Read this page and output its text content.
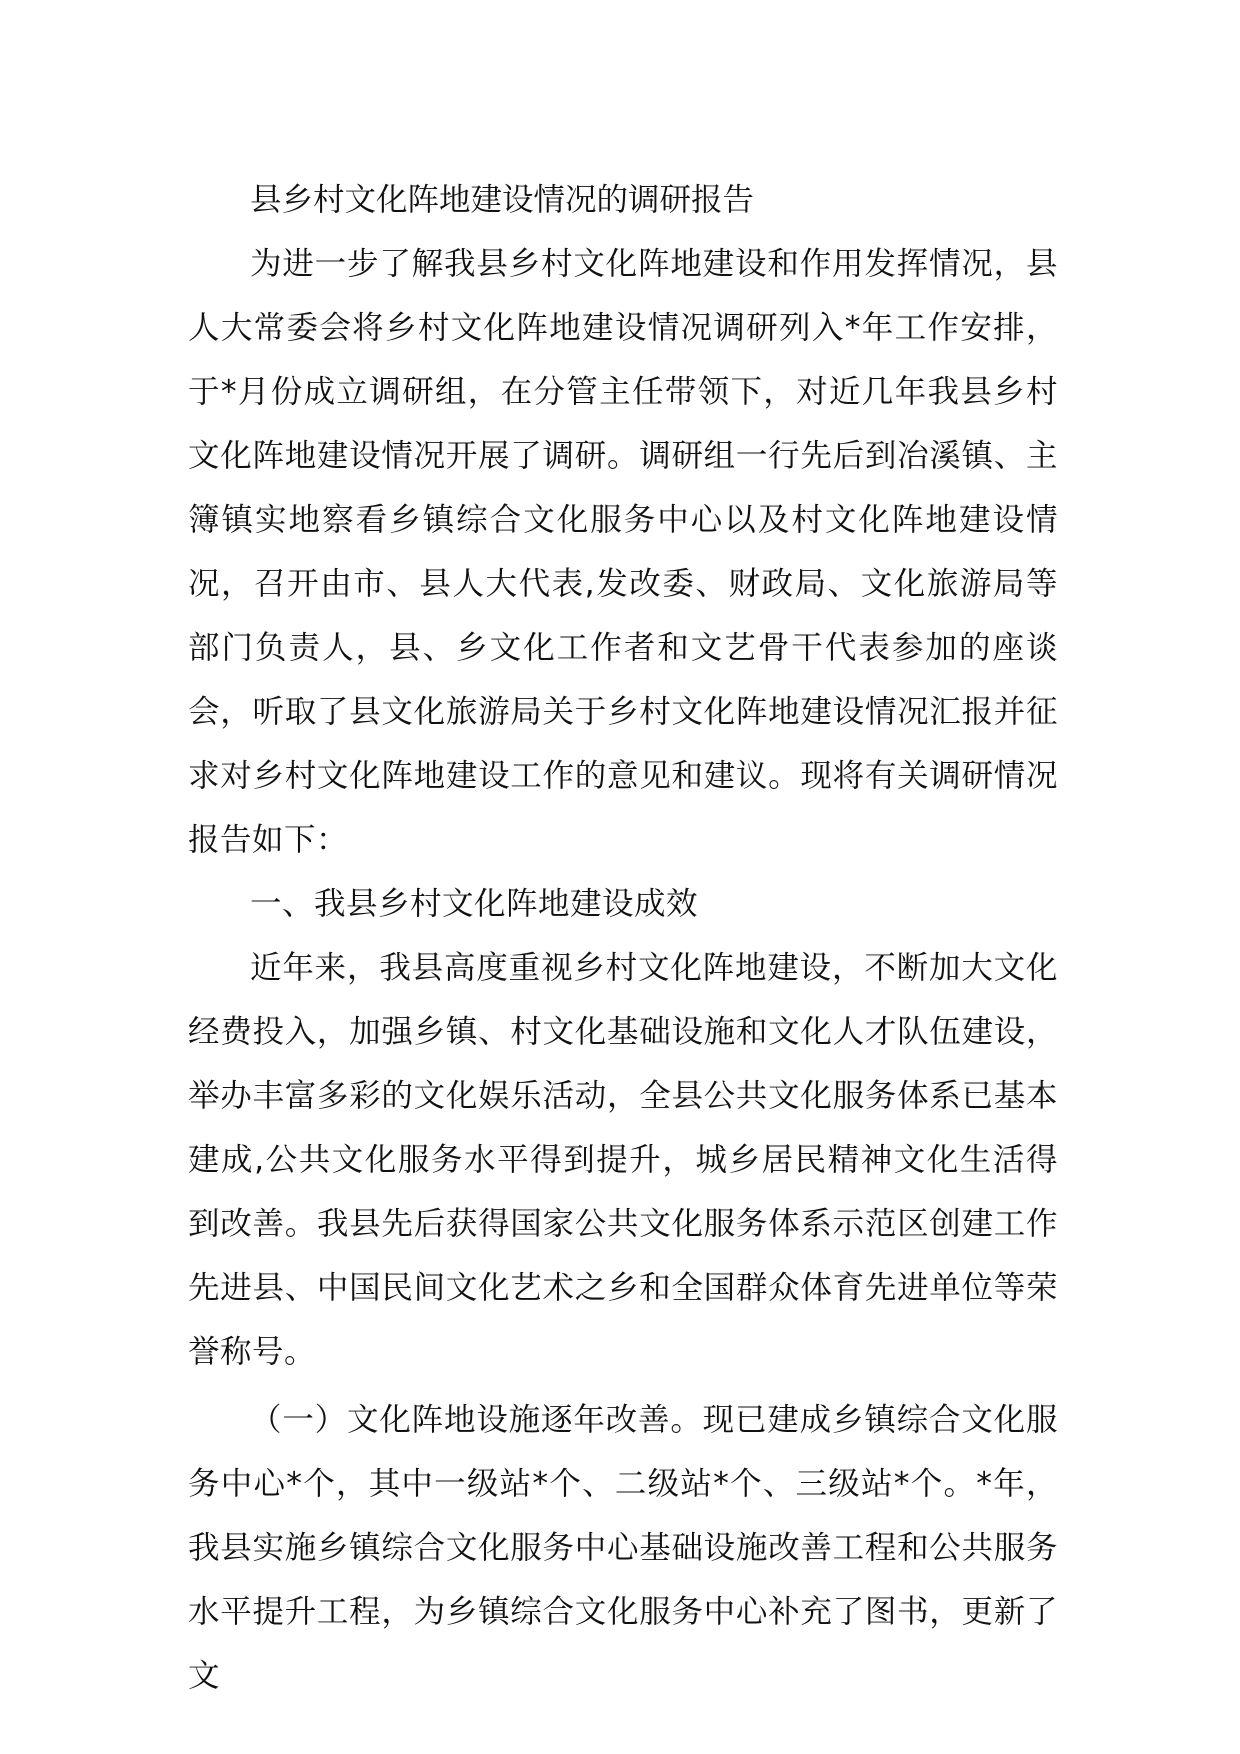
县乡村文化阵地建设情况的调研报告

为进一步了解我县乡村文化阵地建设和作用发挥情况，县人大常委会将乡村文化阵地建设情况调研列入*年工作安排，于*月份成立调研组，在分管主任带领下，对近几年我县乡村文化阵地建设情况开展了调研。调研组一行先后到冶溪镇、主簿镇实地察看乡镇综合文化服务中心以及村文化阵地建设情况，召开由市、县人大代表,发改委、财政局、文化旅游局等部门负责人，县、乡文化工作者和文艺骨干代表参加的座谈会，听取了县文化旅游局关于乡村文化阵地建设情况汇报并征求对乡村文化阵地建设工作的意见和建议。现将有关调研情况报告如下：

一、我县乡村文化阵地建设成效

近年来，我县高度重视乡村文化阵地建设，不断加大文化经费投入，加强乡镇、村文化基础设施和文化人才队伍建设，举办丰富多彩的文化娱乐活动，全县公共文化服务体系已基本建成,公共文化服务水平得到提升，城乡居民精神文化生活得到改善。我县先后获得国家公共文化服务体系示范区创建工作先进县、中国民间文化艺术之乡和全国群众体育先进单位等荣誉称号。

（一）文化阵地设施逐年改善。现已建成乡镇综合文化服务中心*个，其中一级站*个、二级站*个、三级站*个。*年，我县实施乡镇综合文化服务中心基础设施改善工程和公共服务水平提升工程，为乡镇综合文化服务中心补充了图书，更新了文
